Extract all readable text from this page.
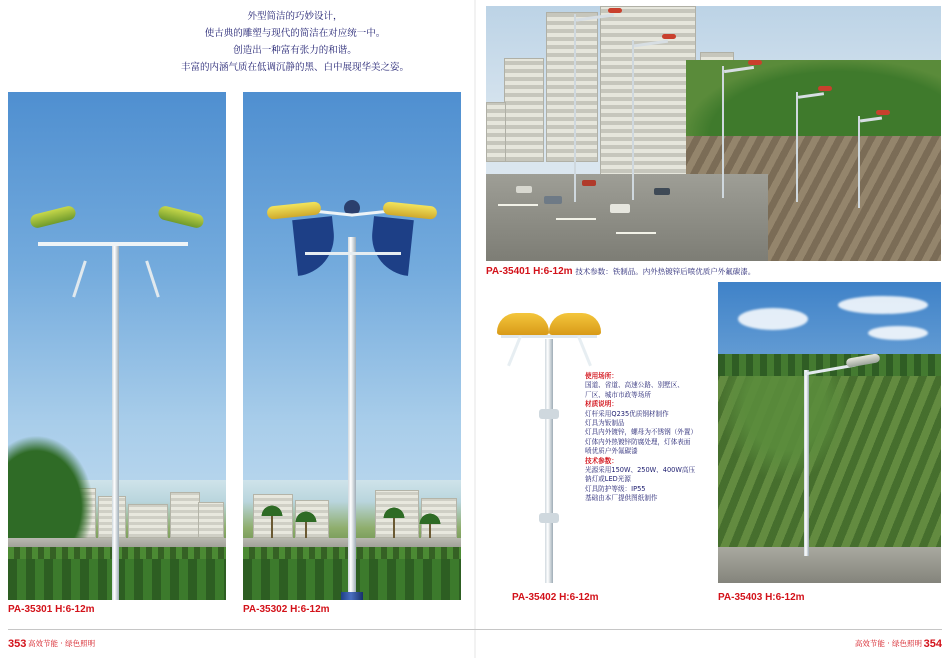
外型简洁的巧妙设计，
使古典的雕塑与现代的简洁在对应统一中。
创造出一种富有张力的和谐。
丰富的内涵气质在低调沉静的黑、白中展现华美之姿。
PA-35301 H:6-12m	PA-35302 H:6-12m
PA-35401 H:6-12m 技术参数：铁制品。内外热镀锌后喷优质户外氟碳漆。
使用场所：
国道、省道、高速公路、别墅区、
厂区、城市市政等场所
材质说明：
灯杆采用Q235优质钢材制作
灯具为钣制品
灯具内外镀锌，螺母为不锈钢（外置）
灯体内外热镀锌防腐处理，灯体表面
喷优质户外氟碳漆
技术参数：
光源采用150W、250W、400W高压
钠灯或LED光源
灯具防护等级：IP55
基础由本厂提供图纸制作
PA-35402 H:6-12m	PA-35403 H:6-12m
353 高效节能 · 绿色照明	354
高效节能 · 绿色照明
